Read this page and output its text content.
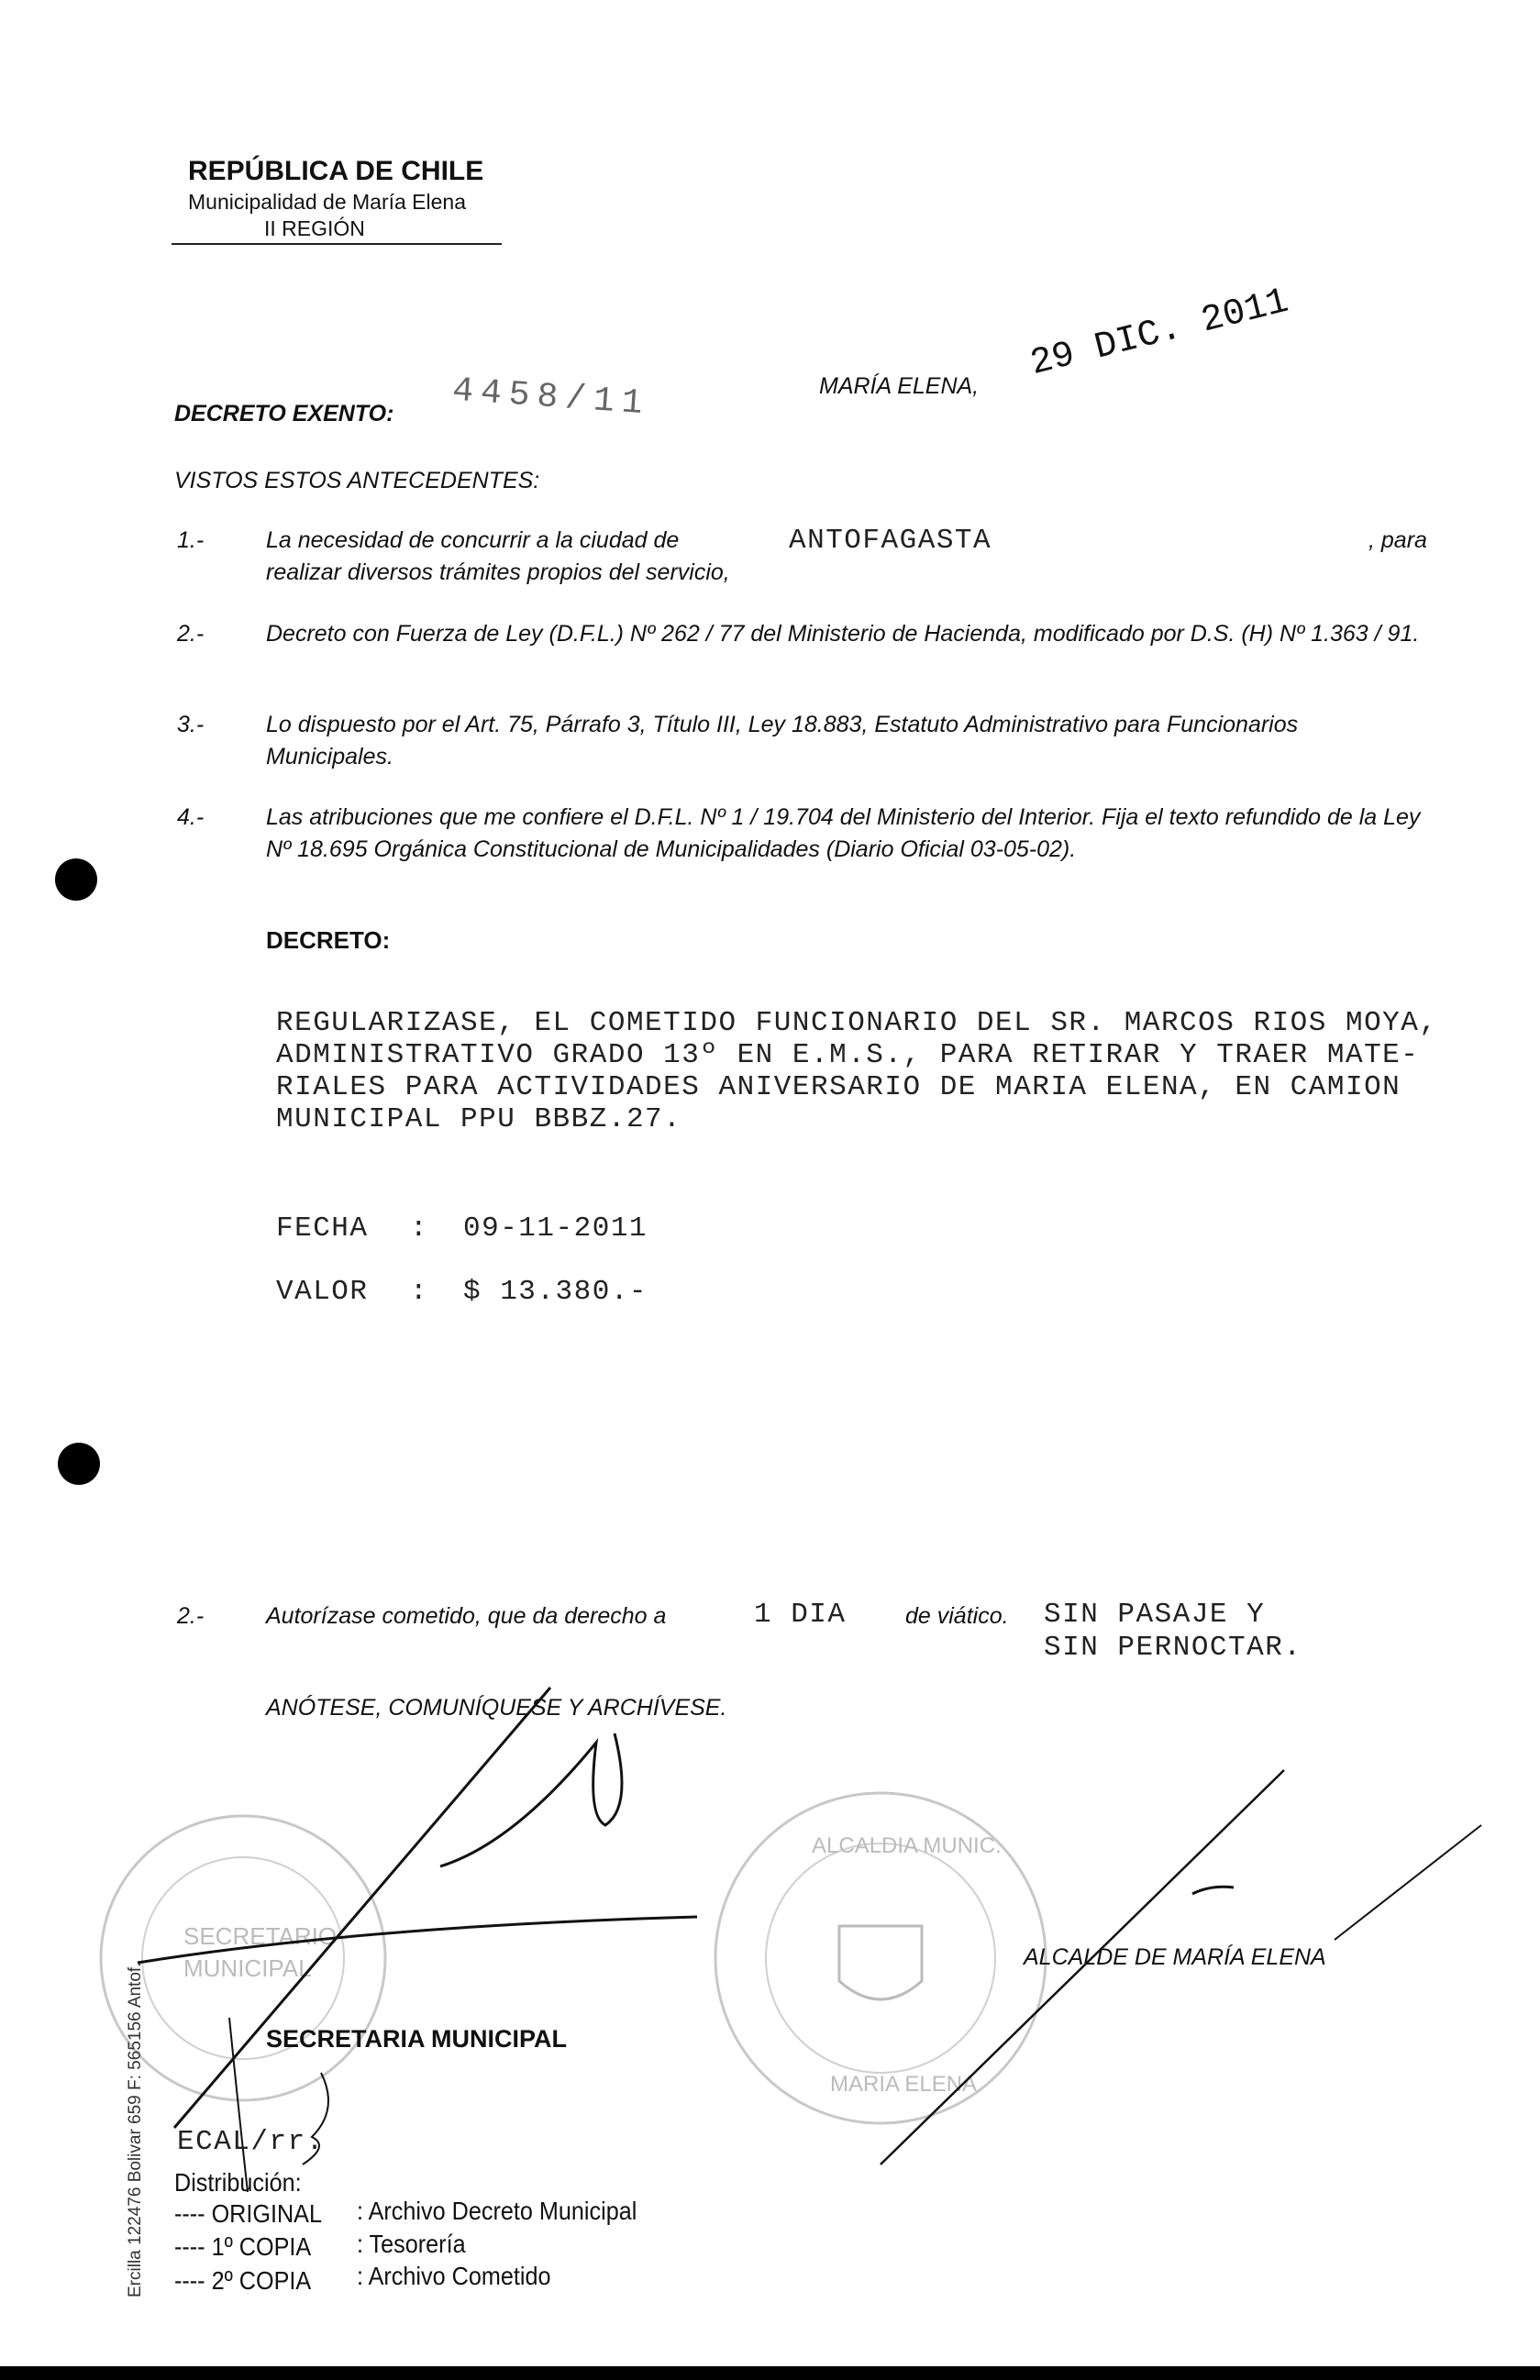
REPÚBLICA DE CHILE
Municipalidad de María Elena
II REGIÓN
DECRETO EXENTO: 4458/11	MARÍA ELENA,
29 DIC. 2011
VISTOS ESTOS ANTECEDENTES:
1.-	La necesidad de concurrir a la ciudad de	ANTOFAGASTA	, para
realizar diversos trámites propios del servicio,
2.-	Decreto con Fuerza de Ley (D.F.L.) Nº 262 / 77 del Ministerio de Hacienda, modificado por D.S. (H) Nº 1.363 / 91.
3.-	Lo dispuesto por el Art. 75, Párrafo 3, Título III, Ley 18.883, Estatuto Administrativo para Funcionarios Municipales.
4.-	Las atribuciones que me confiere el D.F.L. Nº 1 / 19.704 del Ministerio del Interior. Fija el texto refundido de la Ley Nº 18.695 Orgánica Constitucional de Municipalidades (Diario Oficial 03-05-02).
DECRETO:
REGULARIZASE, EL COMETIDO FUNCIONARIO DEL SR. MARCOS RIOS MOYA,
ADMINISTRATIVO GRADO 13º EN E.M.S., PARA RETIRAR Y TRAER MATE-
RIALES PARA ACTIVIDADES ANIVERSARIO DE MARIA ELENA, EN CAMION
MUNICIPAL PPU BBBZ.27.
FECHA : 09-11-2011
VALOR : $ 13.380.-
2.-	Autorízase cometido, que da derecho a	1 DIA	de viático. SIN PASAJE Y
SIN PERNOCTAR.
ANÓTESE, COMUNÍQUESE Y ARCHÍVESE.
SECRETARIO
MUNICIPAL
ALCALDIA MUNIC.
MARIA ELENA
ALCALDE DE MARÍA ELENA
SECRETARIA MUNICIPAL
ECAL/rr.
Distribución:
---- ORIGINAL : Archivo Decreto Municipal
---- 1º COPIA : Tesorería
---- 2º COPIA : Archivo Cometido
Ercilla 122476 Bolivar 659 F: 565156 Antof.
